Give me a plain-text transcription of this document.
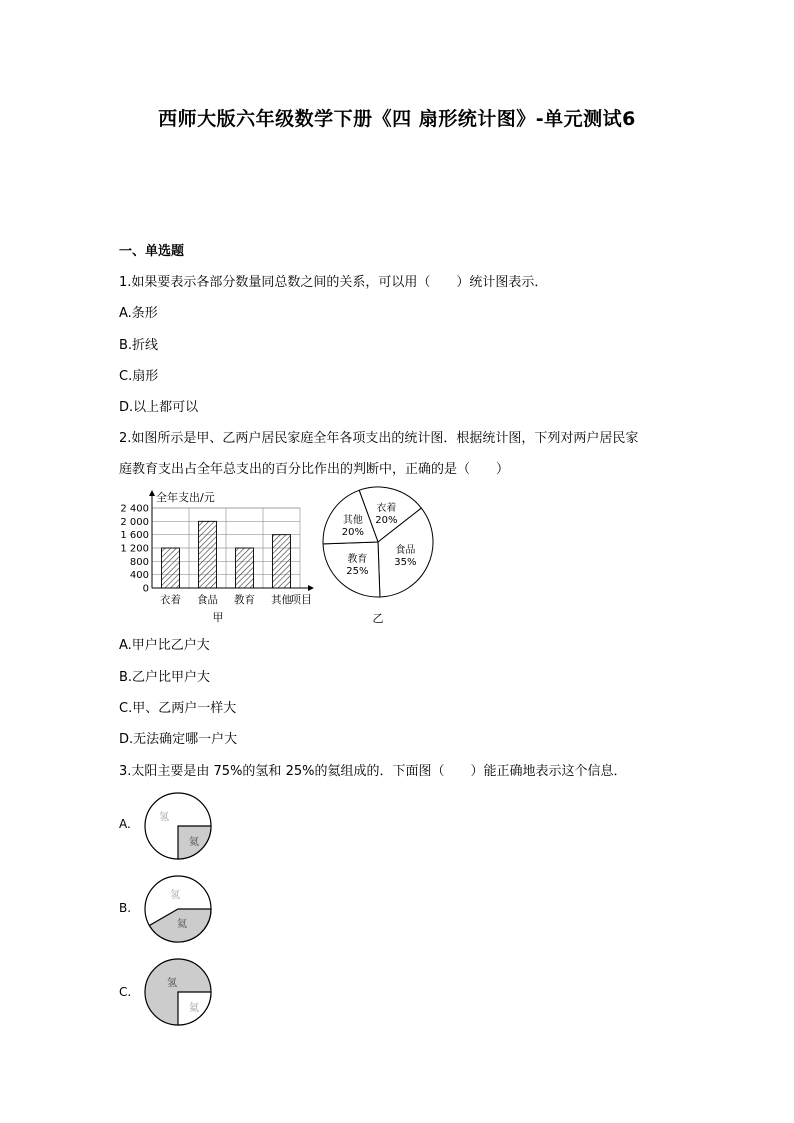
西师大版六年级数学下册《四 扇形统计图》-单元测试6
一、单选题
1.如果要表示各部分数量同总数之间的关系，可以用（　　）统计图表示．
A.条形
B.折线
C.扇形
D.以上都可以
2.如图所示是甲、乙两户居民家庭全年各项支出的统计图．根据统计图，下列对两户居民家
庭教育支出占全年总支出的百分比作出的判断中，正确的是（　　）
0
400
800
1 200
1 600
2 000
2 400
衣着 食品 教育 其他
全年支出/元
项目
甲
衣着
20%
食品
35%
教育
25%
其他
20%
乙
A.甲户比乙户大
B.乙户比甲户大
C.甲、乙两户一样大
D.无法确定哪一户大
3.太阳主要是由 75%的氢和 25%的氦组成的．下面图（　　）能正确地表示这个信息．
A.	氢
氦
B.
氢
氦
C.
氢
氦
